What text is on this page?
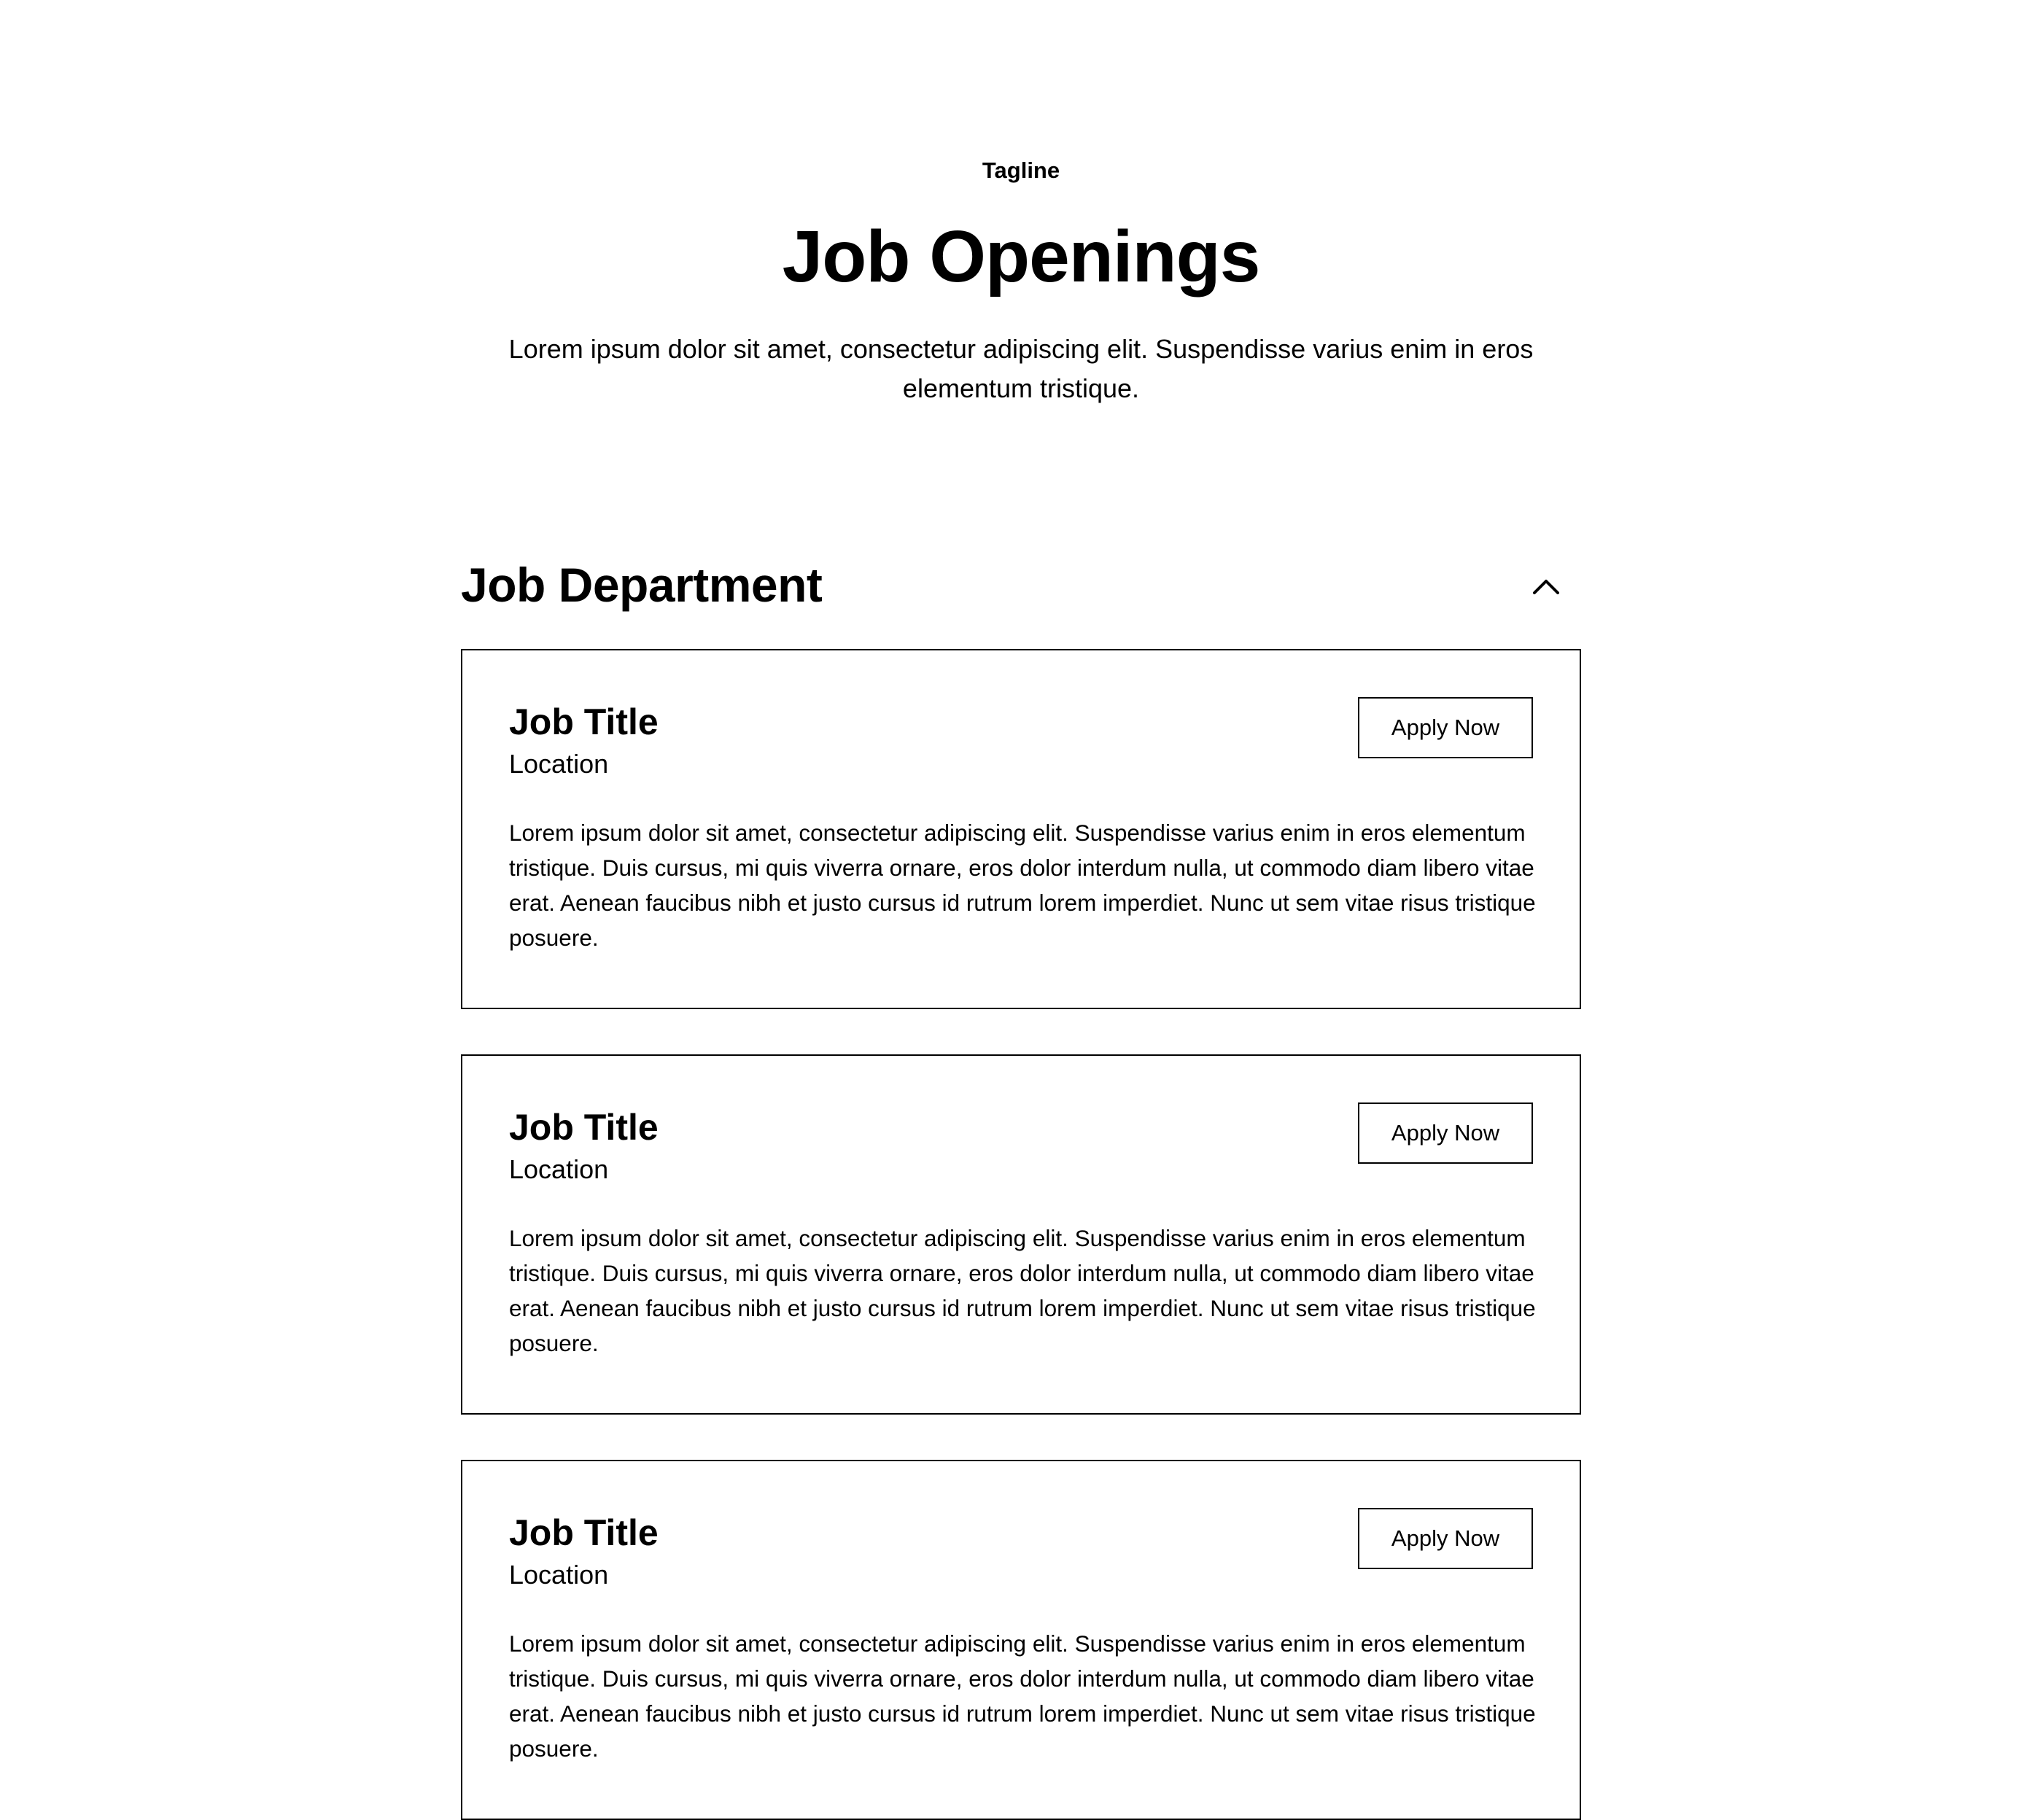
Tagline
Job Openings

Lorem ipsum dolor sit amet, consectetur adipiscing elit. Suspendisse varius enim in eros elementum tristique.

Job Department
Job Title
Location
Apply Now

Lorem ipsum dolor sit amet, consectetur adipiscing elit. Suspendisse varius enim in eros elementum tristique. Duis cursus, mi quis viverra ornare, eros dolor interdum nulla, ut commodo diam libero vitae erat. Aenean faucibus nibh et justo cursus id rutrum lorem imperdiet. Nunc ut sem vitae risus tristique posuere.

Job Title
Location
Apply Now

Lorem ipsum dolor sit amet, consectetur adipiscing elit. Suspendisse varius enim in eros elementum tristique. Duis cursus, mi quis viverra ornare, eros dolor interdum nulla, ut commodo diam libero vitae erat. Aenean faucibus nibh et justo cursus id rutrum lorem imperdiet. Nunc ut sem vitae risus tristique posuere.

Job Title
Location
Apply Now

Lorem ipsum dolor sit amet, consectetur adipiscing elit. Suspendisse varius enim in eros elementum tristique. Duis cursus, mi quis viverra ornare, eros dolor interdum nulla, ut commodo diam libero vitae erat. Aenean faucibus nibh et justo cursus id rutrum lorem imperdiet. Nunc ut sem vitae risus tristique posuere.
